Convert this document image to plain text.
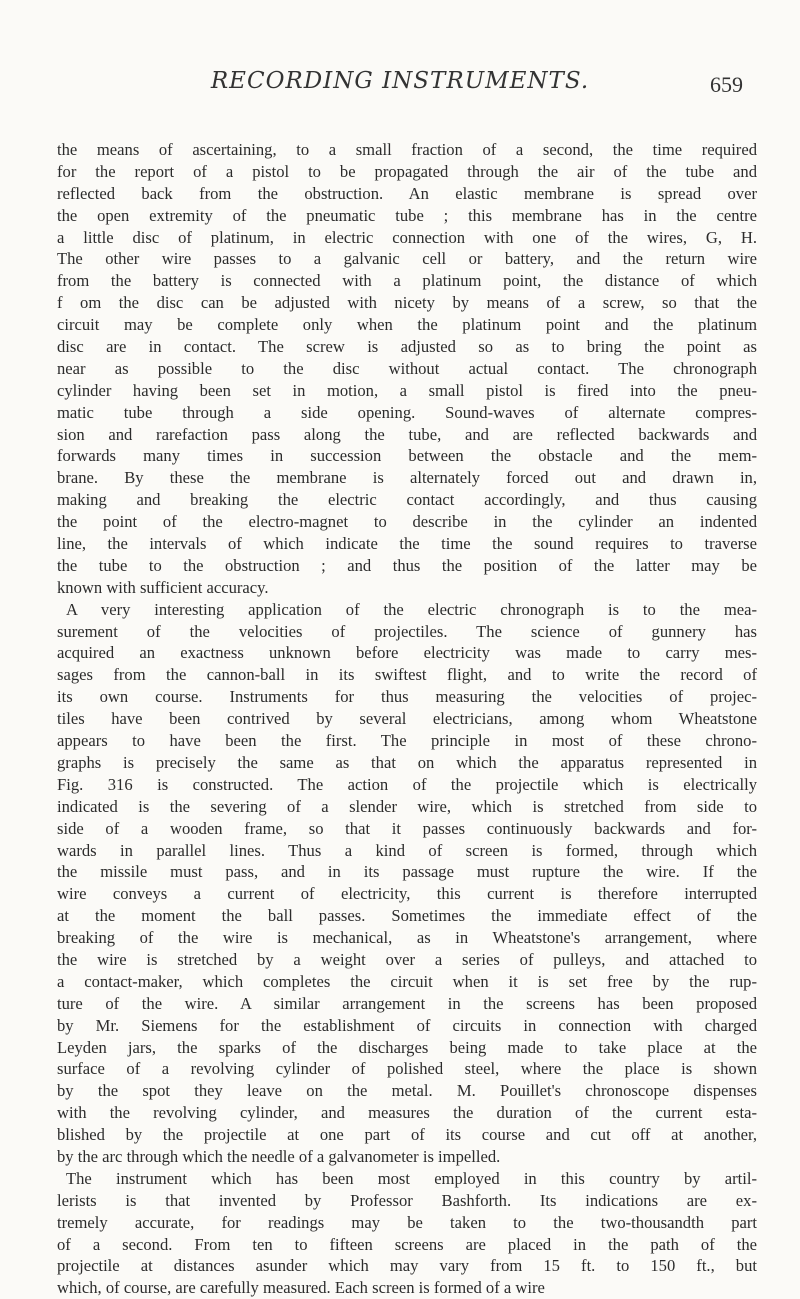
RECORDING INSTRUMENTS.	659
the means of ascertaining, to a small fraction of a second, the time required
for the report of a pistol to be propagated through the air of the tube and
reflected back from the obstruction. An elastic membrane is spread over
the open extremity of the pneumatic tube ; this membrane has in the centre
a little disc of platinum, in electric connection with one of the wires, G, H.
The other wire passes to a galvanic cell or battery, and the return wire
from the battery is connected with a platinum point, the distance of which
f om the disc can be adjusted with nicety by means of a screw, so that the
circuit may be complete only when the platinum point and the platinum
disc are in contact. The screw is adjusted so as to bring the point as
near as possible to the disc without actual contact. The chronograph
cylinder having been set in motion, a small pistol is fired into the pneu-
matic tube through a side opening. Sound-waves of alternate compres-
sion and rarefaction pass along the tube, and are reflected backwards and
forwards many times in succession between the obstacle and the mem-
brane. By these the membrane is alternately forced out and drawn in,
making and breaking the electric contact accordingly, and thus causing
the point of the electro-magnet to describe in the cylinder an indented
line, the intervals of which indicate the time the sound requires to traverse
the tube to the obstruction ; and thus the position of the latter may be
known with sufficient accuracy.
A very interesting application of the electric chronograph is to the mea-
surement of the velocities of projectiles. The science of gunnery has
acquired an exactness unknown before electricity was made to carry mes-
sages from the cannon-ball in its swiftest flight, and to write the record of
its own course. Instruments for thus measuring the velocities of projec-
tiles have been contrived by several electricians, among whom Wheatstone
appears to have been the first. The principle in most of these chrono-
graphs is precisely the same as that on which the apparatus represented in
Fig. 316 is constructed. The action of the projectile which is electrically
indicated is the severing of a slender wire, which is stretched from side to
side of a wooden frame, so that it passes continuously backwards and for-
wards in parallel lines. Thus a kind of screen is formed, through which
the missile must pass, and in its passage must rupture the wire. If the
wire conveys a current of electricity, this current is therefore interrupted
at the moment the ball passes. Sometimes the immediate effect of the
breaking of the wire is mechanical, as in Wheatstone's arrangement, where
the wire is stretched by a weight over a series of pulleys, and attached to
a contact-maker, which completes the circuit when it is set free by the rup-
ture of the wire. A similar arrangement in the screens has been proposed
by Mr. Siemens for the establishment of circuits in connection with charged
Leyden jars, the sparks of the discharges being made to take place at the
surface of a revolving cylinder of polished steel, where the place is shown
by the spot they leave on the metal. M. Pouillet's chronoscope dispenses
with the revolving cylinder, and measures the duration of the current esta-
blished by the projectile at one part of its course and cut off at another,
by the arc through which the needle of a galvanometer is impelled.
The instrument which has been most employed in this country by artil-
lerists is that invented by Professor Bashforth. Its indications are ex-
tremely accurate, for readings may be taken to the two-thousandth part
of a second. From ten to fifteen screens are placed in the path of the
projectile at distances asunder which may vary from 15 ft. to 150 ft., but
which, of course, are carefully measured. Each screen is formed of a wire
